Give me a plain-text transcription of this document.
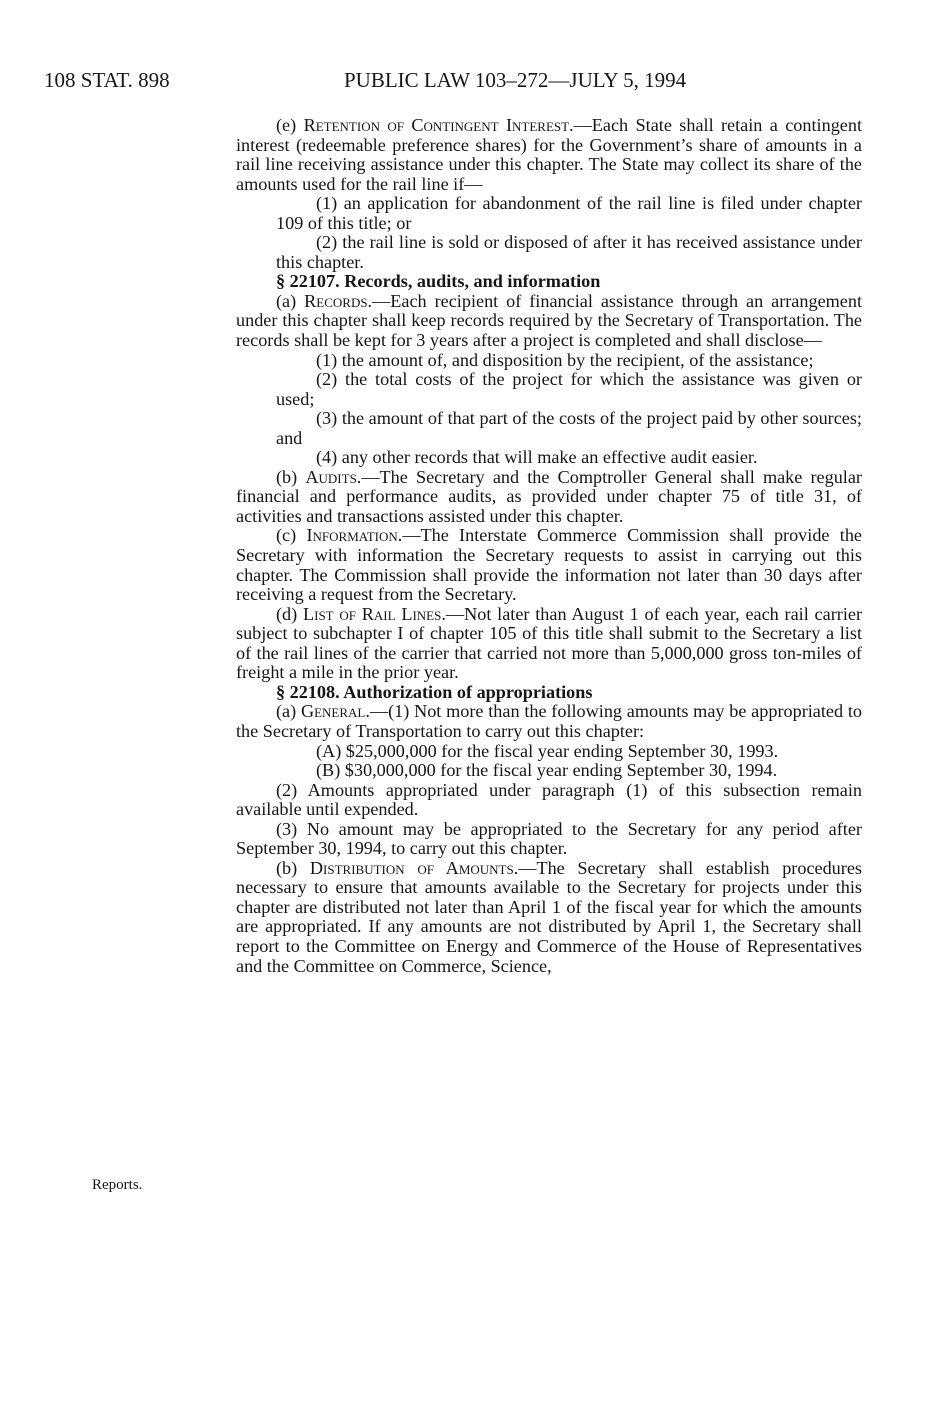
108 STAT. 898	PUBLIC LAW 103–272—JULY 5, 1994
Reports.

(e) Retention of Contingent Interest.—Each State shall retain a contingent interest (redeemable preference shares) for the Government’s share of amounts in a rail line receiving assistance under this chapter. The State may collect its share of the amounts used for the rail line if—

(1) an application for abandonment of the rail line is filed under chapter 109 of this title; or

(2) the rail line is sold or disposed of after it has received assistance under this chapter.

§ 22107. Records, audits, and information

(a) Records.—Each recipient of financial assistance through an arrangement under this chapter shall keep records required by the Secretary of Transportation. The records shall be kept for 3 years after a project is completed and shall disclose—

(1) the amount of, and disposition by the recipient, of the assistance;

(2) the total costs of the project for which the assistance was given or used;

(3) the amount of that part of the costs of the project paid by other sources; and

(4) any other records that will make an effective audit easier.

(b) Audits.—The Secretary and the Comptroller General shall make regular financial and performance audits, as provided under chapter 75 of title 31, of activities and transactions assisted under this chapter.

(c) Information.—The Interstate Commerce Commission shall provide the Secretary with information the Secretary requests to assist in carrying out this chapter. The Commission shall provide the information not later than 30 days after receiving a request from the Secretary.

(d) List of Rail Lines.—Not later than August 1 of each year, each rail carrier subject to subchapter I of chapter 105 of this title shall submit to the Secretary a list of the rail lines of the carrier that carried not more than 5,000,000 gross ton-miles of freight a mile in the prior year.

§ 22108. Authorization of appropriations

(a) General.—(1) Not more than the following amounts may be appropriated to the Secretary of Transportation to carry out this chapter:

(A) $25,000,000 for the fiscal year ending September 30, 1993.

(B) $30,000,000 for the fiscal year ending September 30, 1994.

(2) Amounts appropriated under paragraph (1) of this subsection remain available until expended.

(3) No amount may be appropriated to the Secretary for any period after September 30, 1994, to carry out this chapter.

(b) Distribution of Amounts.—The Secretary shall establish procedures necessary to ensure that amounts available to the Secretary for projects under this chapter are distributed not later than April 1 of the fiscal year for which the amounts are appropriated. If any amounts are not distributed by April 1, the Secretary shall report to the Committee on Energy and Commerce of the House of Representatives and the Committee on Commerce, Science,
